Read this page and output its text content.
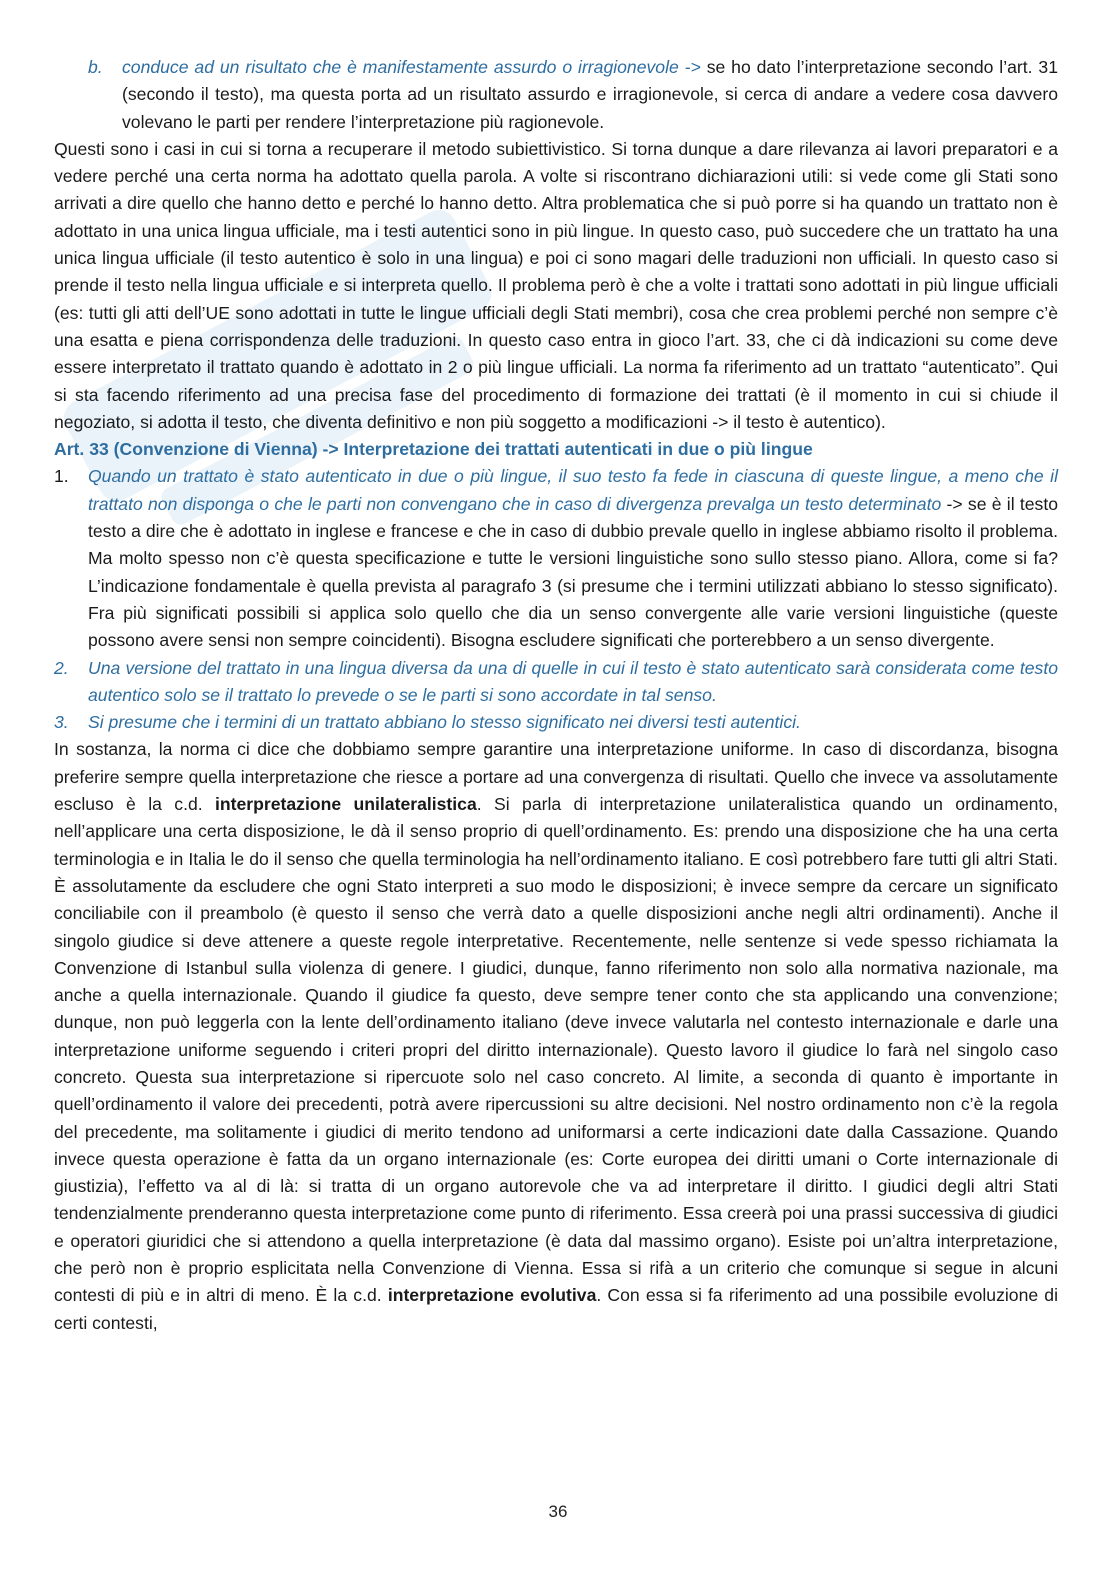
b.	conduce ad un risultato che è manifestamente assurdo o irragionevole -> se ho dato l’interpretazione secondo l’art. 31 (secondo il testo), ma questa porta ad un risultato assurdo e irragionevole, si cerca di andare a vedere cosa davvero volevano le parti per rendere l’interpretazione più ragionevole.

Questi sono i casi in cui si torna a recuperare il metodo subiettivistico. Si torna dunque a dare rilevanza ai lavori preparatori e a vedere perché una certa norma ha adottato quella parola. A volte si riscontrano dichiarazioni utili: si vede come gli Stati sono arrivati a dire quello che hanno detto e perché lo hanno detto. Altra problematica che si può porre si ha quando un trattato non è adottato in una unica lingua ufficiale, ma i testi autentici sono in più lingue. In questo caso, può succedere che un trattato ha una unica lingua ufficiale (il testo autentico è solo in una lingua) e poi ci sono magari delle traduzioni non ufficiali. In questo caso si prende il testo nella lingua ufficiale e si interpreta quello. Il problema però è che a volte i trattati sono adottati in più lingue ufficiali (es: tutti gli atti dell’UE sono adottati in tutte le lingue ufficiali degli Stati membri), cosa che crea problemi perché non sempre c’è una esatta e piena corrispondenza delle traduzioni. In questo caso entra in gioco l’art. 33, che ci dà indicazioni su come deve essere interpretato il trattato quando è adottato in 2 o più lingue ufficiali. La norma fa riferimento ad un trattato “autenticato”. Qui si sta facendo riferimento ad una precisa fase del procedimento di formazione dei trattati (è il momento in cui si chiude il negoziato, si adotta il testo, che diventa definitivo e non più soggetto a modificazioni -> il testo è autentico).

Art. 33 (Convenzione di Vienna) -> Interpretazione dei trattati autenticati in due o più lingue

1.	Quando un trattato è stato autenticato in due o più lingue, il suo testo fa fede in ciascuna di queste lingue, a meno che il trattato non disponga o che le parti non convengano che in caso di divergenza prevalga un testo determinato -> se è il testo testo a dire che è adottato in inglese e francese e che in caso di dubbio prevale quello in inglese abbiamo risolto il problema. Ma molto spesso non c’è questa specificazione e tutte le versioni linguistiche sono sullo stesso piano. Allora, come si fa? L’indicazione fondamentale è quella prevista al paragrafo 3 (si presume che i termini utilizzati abbiano lo stesso significato). Fra più significati possibili si applica solo quello che dia un senso convergente alle varie versioni linguistiche (queste possono avere sensi non sempre coincidenti). Bisogna escludere significati che porterebbero a un senso divergente.

2.	Una versione del trattato in una lingua diversa da una di quelle in cui il testo è stato autenticato sarà considerata come testo autentico solo se il trattato lo prevede o se le parti si sono accordate in tal senso.

3.	Si presume che i termini di un trattato abbiano lo stesso significato nei diversi testi autentici.

In sostanza, la norma ci dice che dobbiamo sempre garantire una interpretazione uniforme. In caso di discordanza, bisogna preferire sempre quella interpretazione che riesce a portare ad una convergenza di risultati. Quello che invece va assolutamente escluso è la c.d. interpretazione unilateralistica. Si parla di interpretazione unilateralistica quando un ordinamento, nell’applicare una certa disposizione, le dà il senso proprio di quell’ordinamento. Es: prendo una disposizione che ha una certa terminologia e in Italia le do il senso che quella terminologia ha nell’ordinamento italiano. E così potrebbero fare tutti gli altri Stati. È assolutamente da escludere che ogni Stato interpreti a suo modo le disposizioni; è invece sempre da cercare un significato conciliabile con il preambolo (è questo il senso che verrà dato a quelle disposizioni anche negli altri ordinamenti). Anche il singolo giudice si deve attenere a queste regole interpretative. Recentemente, nelle sentenze si vede spesso richiamata la Convenzione di Istanbul sulla violenza di genere. I giudici, dunque, fanno riferimento non solo alla normativa nazionale, ma anche a quella internazionale. Quando il giudice fa questo, deve sempre tener conto che sta applicando una convenzione; dunque, non può leggerla con la lente dell’ordinamento italiano (deve invece valutarla nel contesto internazionale e darle una interpretazione uniforme seguendo i criteri propri del diritto internazionale). Questo lavoro il giudice lo farà nel singolo caso concreto. Questa sua interpretazione si ripercuote solo nel caso concreto. Al limite, a seconda di quanto è importante in quell’ordinamento il valore dei precedenti, potrà avere ripercussioni su altre decisioni. Nel nostro ordinamento non c’è la regola del precedente, ma solitamente i giudici di merito tendono ad uniformarsi a certe indicazioni date dalla Cassazione. Quando invece questa operazione è fatta da un organo internazionale (es: Corte europea dei diritti umani o Corte internazionale di giustizia), l’effetto va al di là: si tratta di un organo autorevole che va ad interpretare il diritto. I giudici degli altri Stati tendenzialmente prenderanno questa interpretazione come punto di riferimento. Essa creerà poi una prassi successiva di giudici e operatori giuridici che si attendono a quella interpretazione (è data dal massimo organo). Esiste poi un’altra interpretazione, che però non è proprio esplicitata nella Convenzione di Vienna. Essa si rifà a un criterio che comunque si segue in alcuni contesti di più e in altri di meno. È la c.d. interpretazione evolutiva. Con essa si fa riferimento ad una possibile evoluzione di certi contesti,

36
